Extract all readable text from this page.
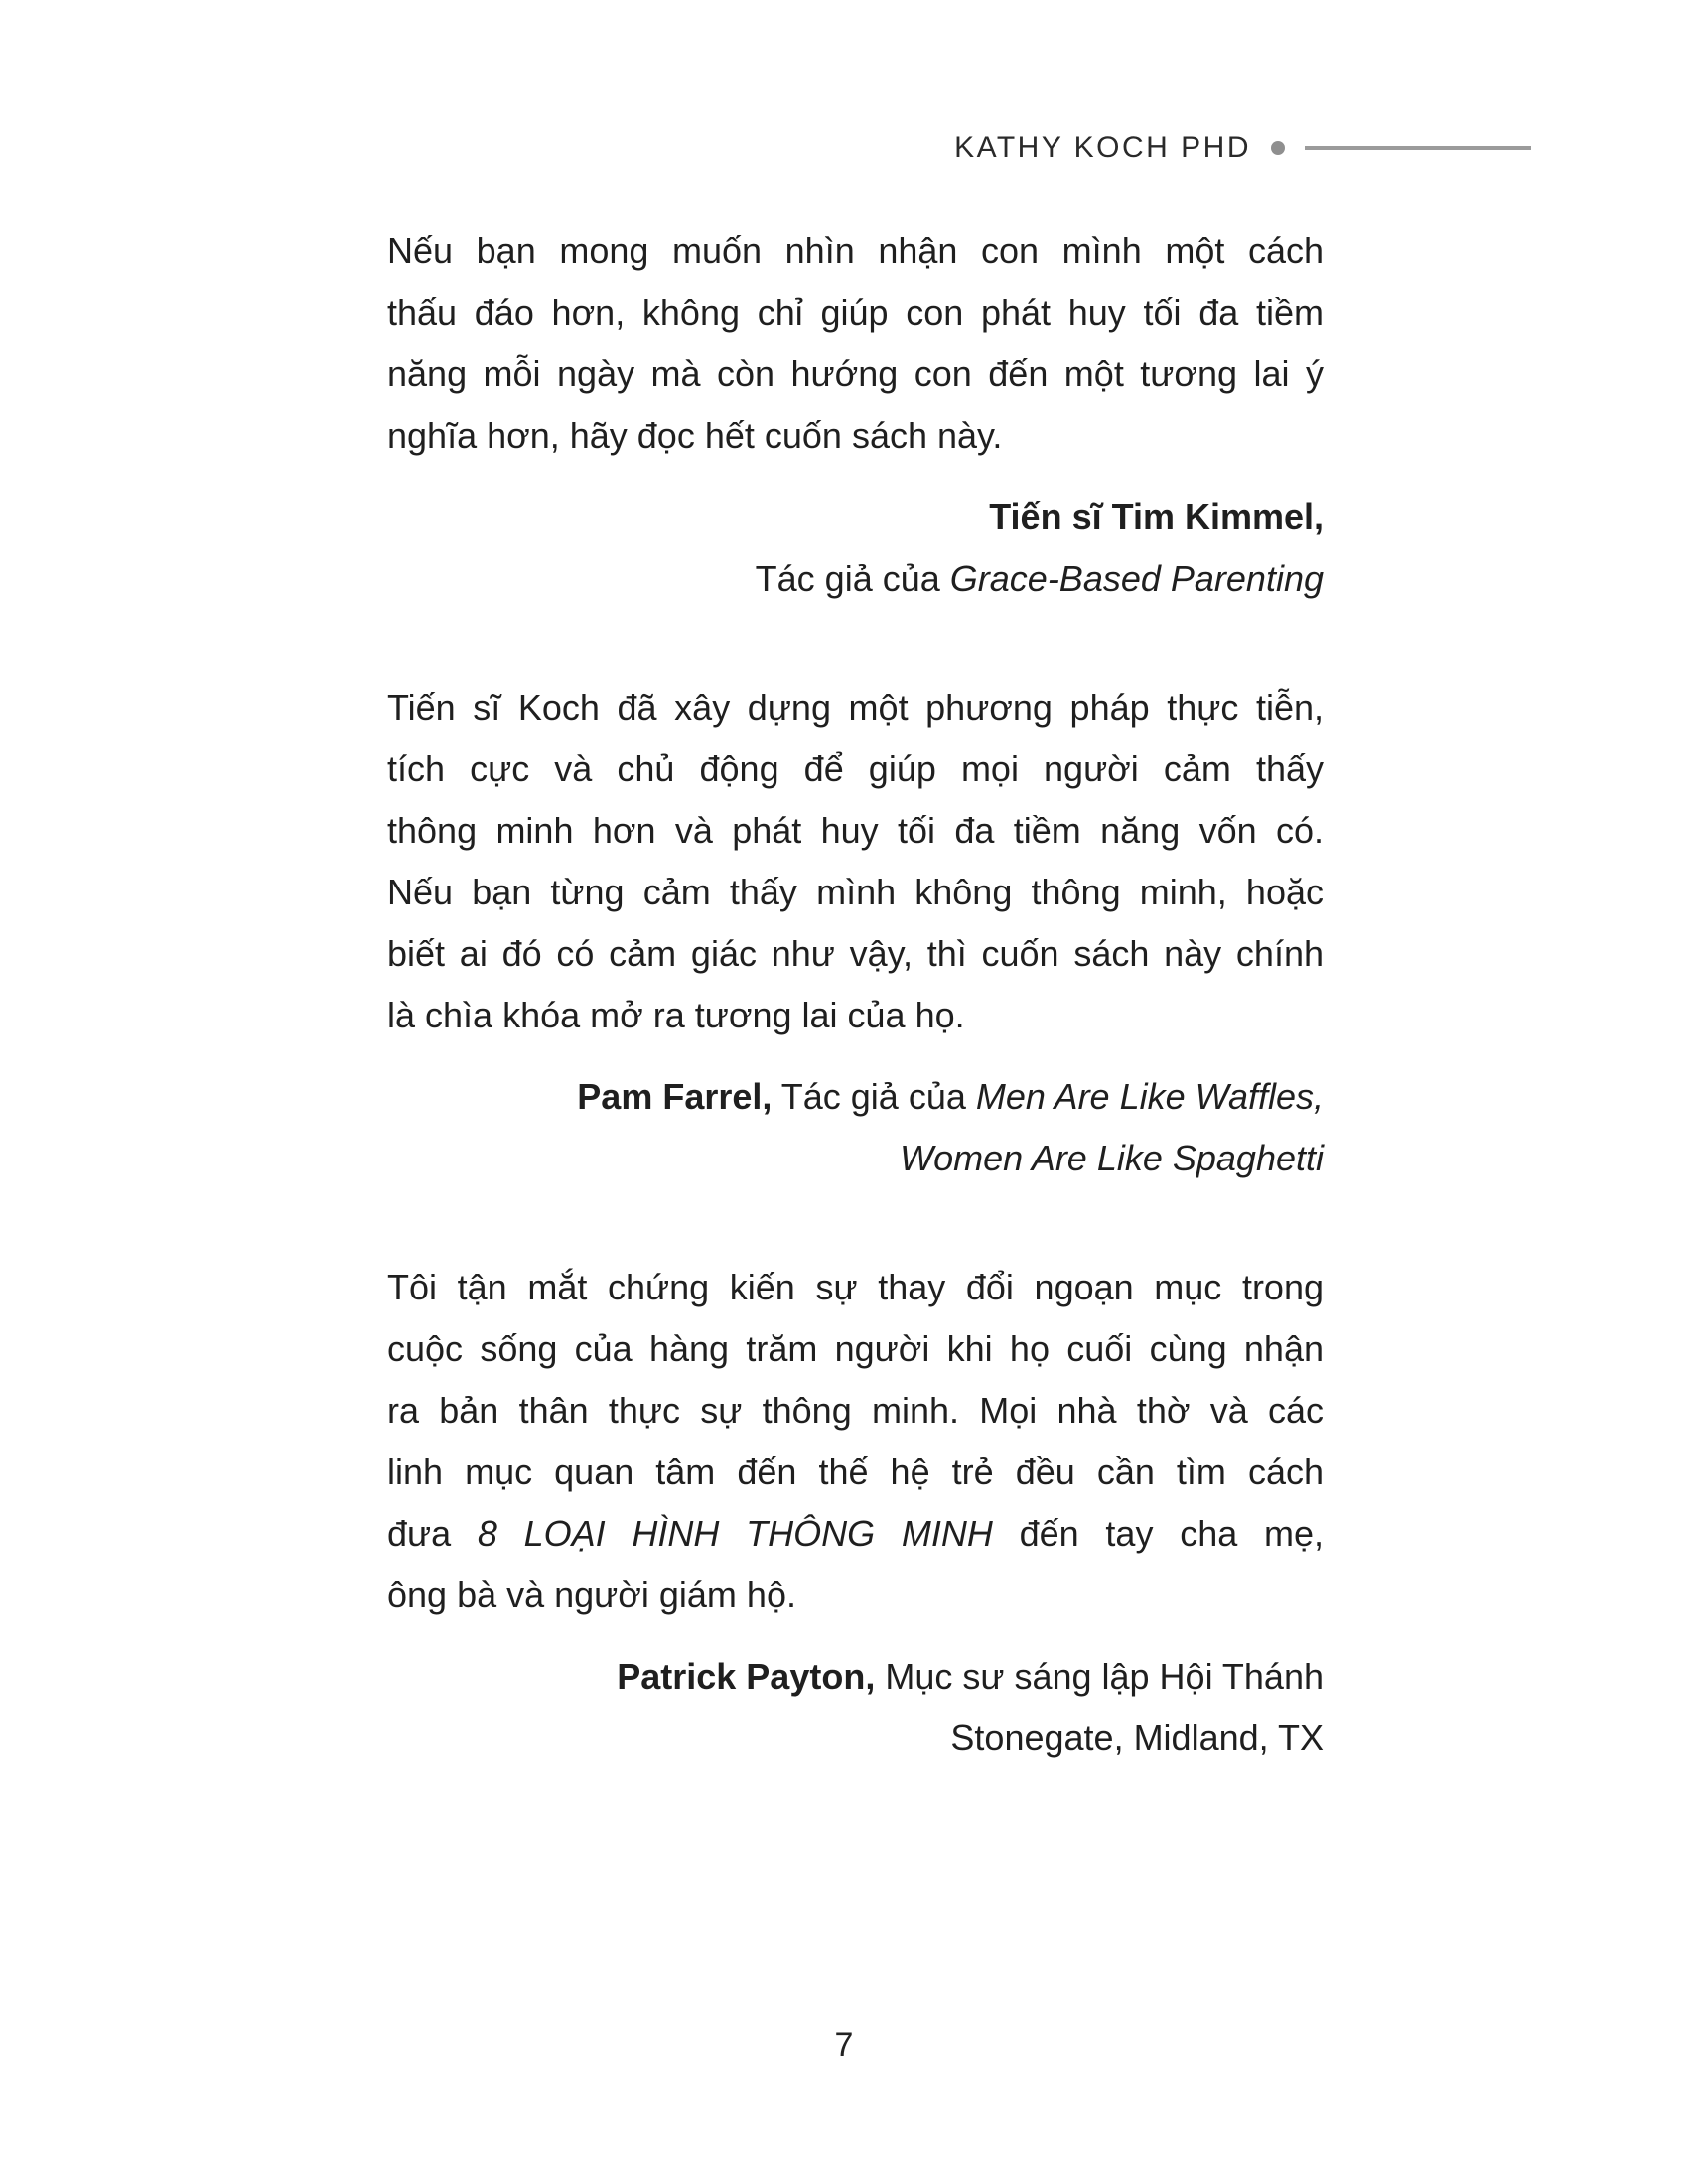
KATHY KOCH PHD
Nếu bạn mong muốn nhìn nhận con mình một cách
thấu đáo hơn, không chỉ giúp con phát huy tối đa tiềm
năng mỗi ngày mà còn hướng con đến một tương lai ý
nghĩa hơn, hãy đọc hết cuốn sách này.
Tiến sĩ Tim Kimmel,
Tác giả của Grace-Based Parenting
Tiến sĩ Koch đã xây dựng một phương pháp thực tiễn,
tích cực và chủ động để giúp mọi người cảm thấy
thông minh hơn và phát huy tối đa tiềm năng vốn có.
Nếu bạn từng cảm thấy mình không thông minh, hoặc
biết ai đó có cảm giác như vậy, thì cuốn sách này chính
là chìa khóa mở ra tương lai của họ.
Pam Farrel, Tác giả của Men Are Like Waffles,
Women Are Like Spaghetti
Tôi tận mắt chứng kiến sự thay đổi ngoạn mục trong
cuộc sống của hàng trăm người khi họ cuối cùng nhận
ra bản thân thực sự thông minh. Mọi nhà thờ và các
linh mục quan tâm đến thế hệ trẻ đều cần tìm cách
đưa 8 LOẠI HÌNH THÔNG MINH đến tay cha mẹ,
ông bà và người giám hộ.
Patrick Payton, Mục sư sáng lập Hội Thánh
Stonegate, Midland, TX
7
